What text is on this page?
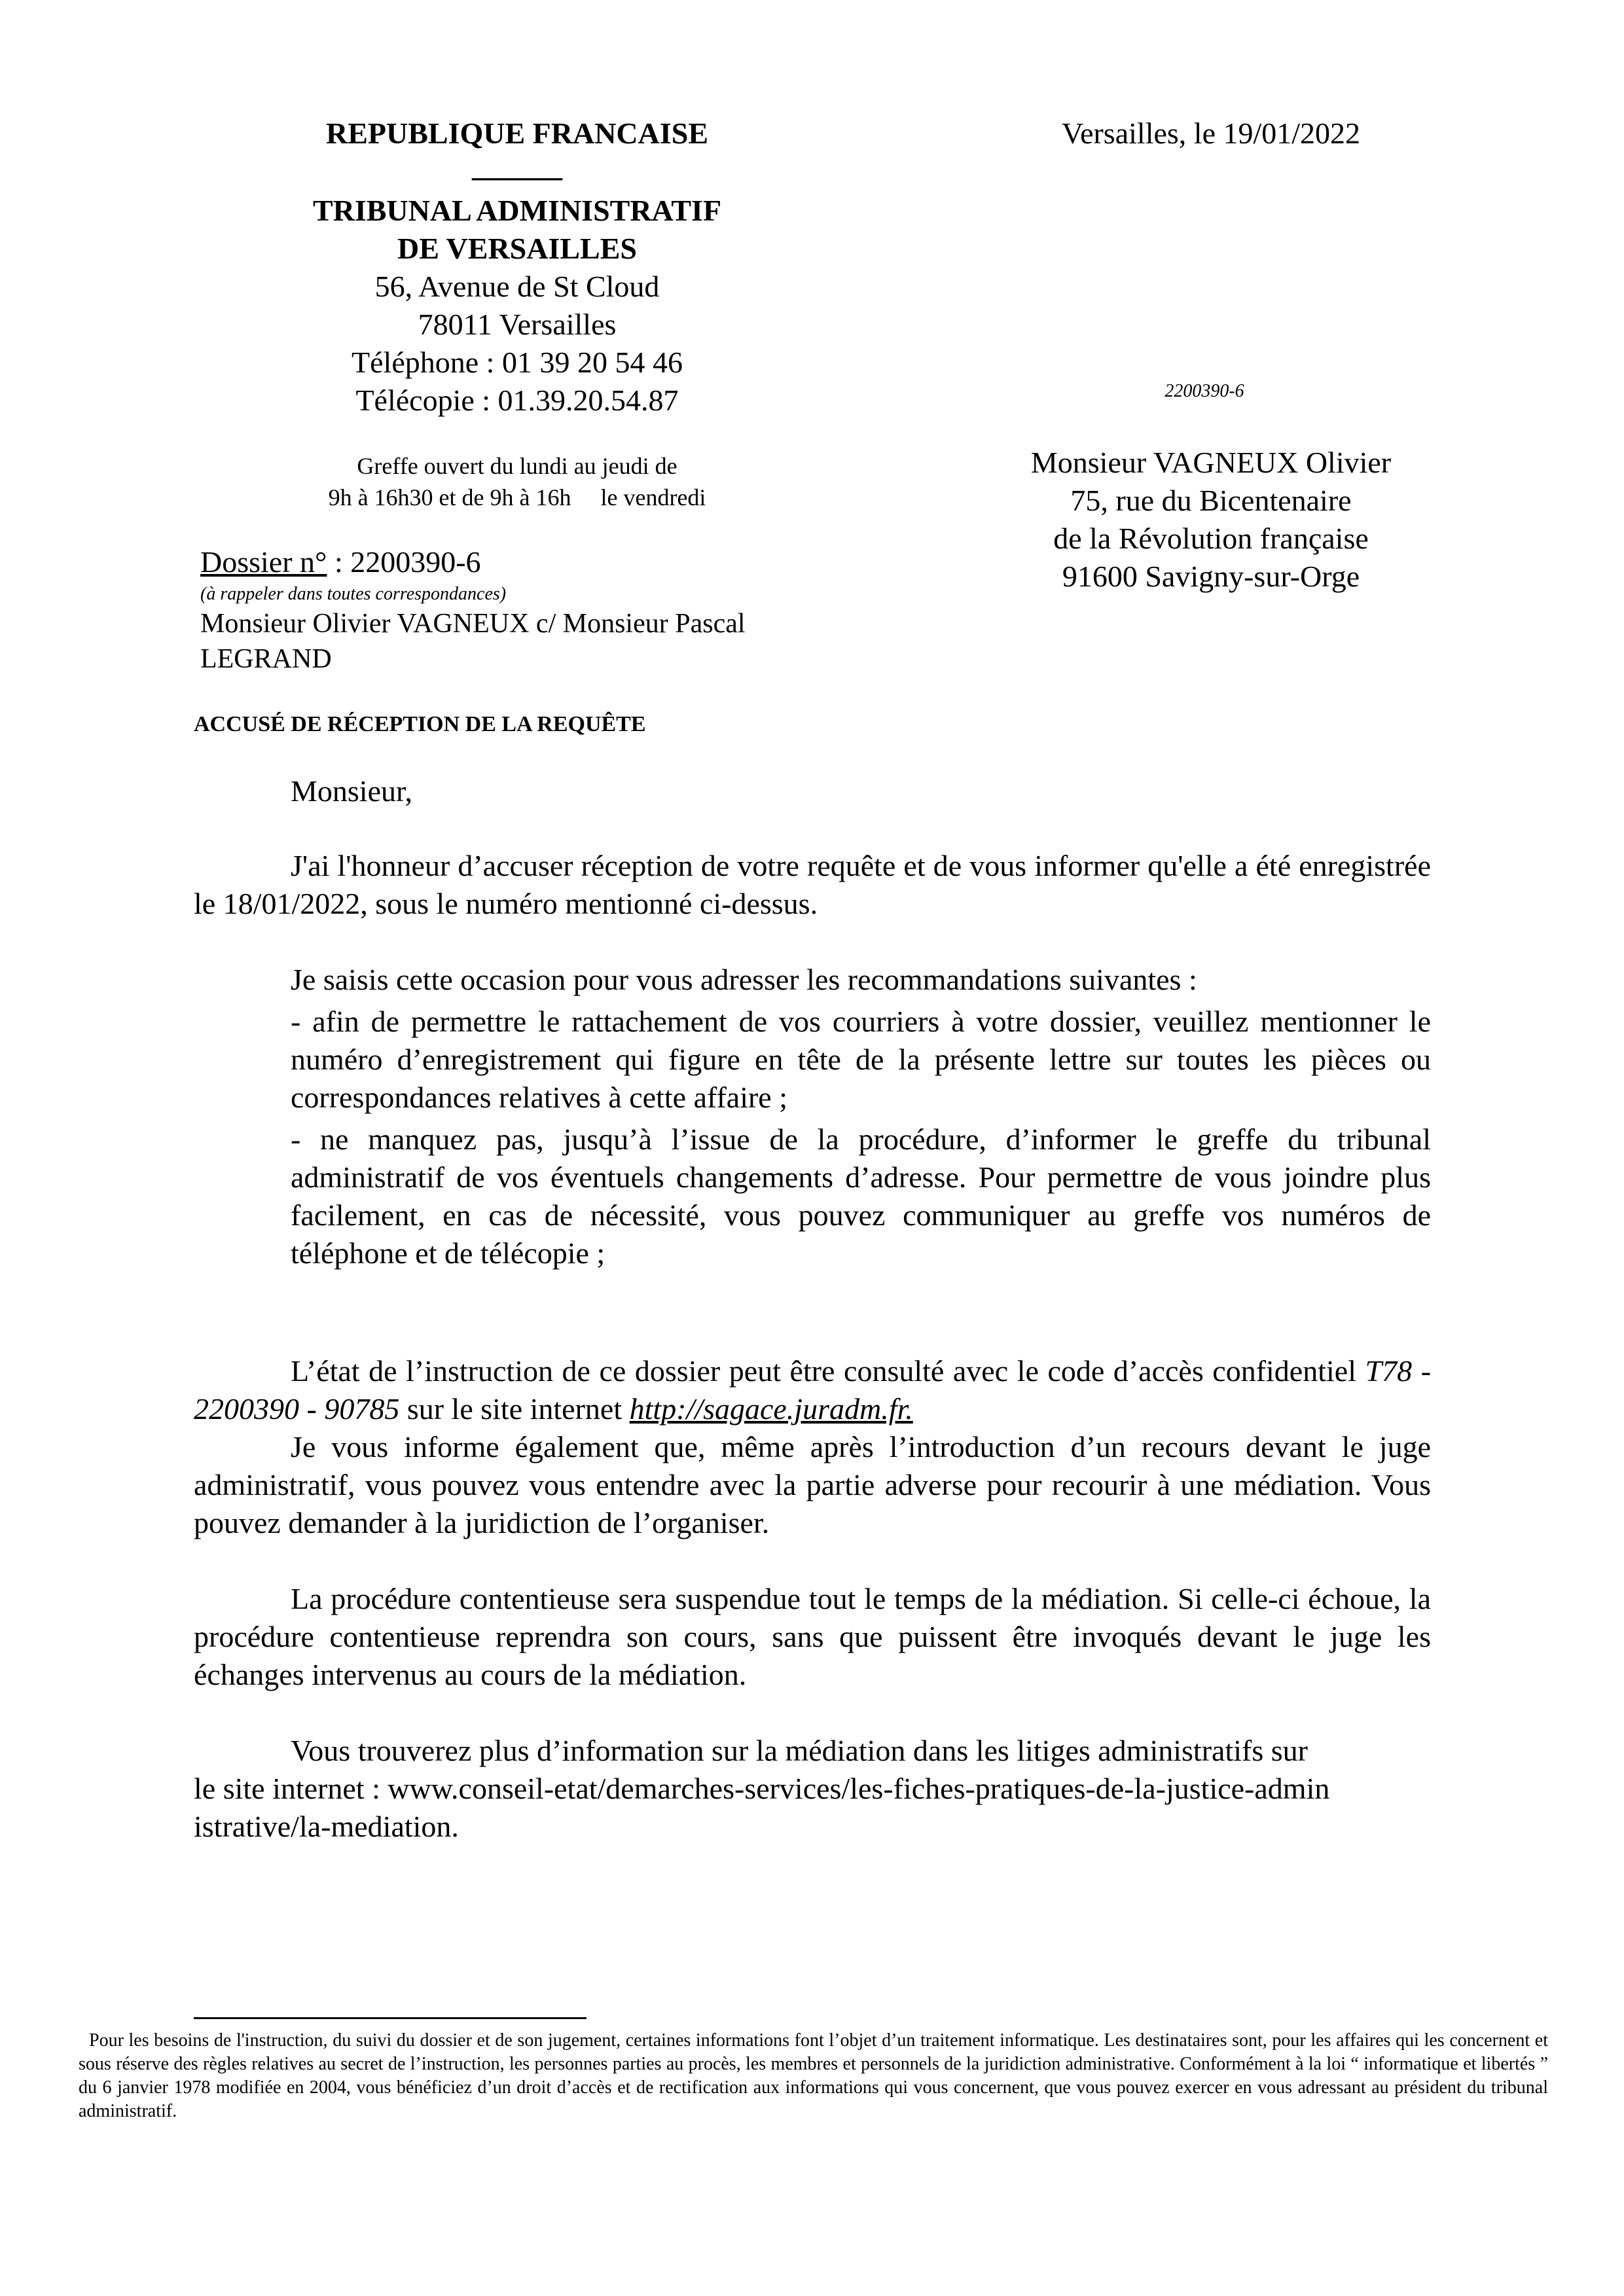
REPUBLIQUE FRANCAISE
______
TRIBUNAL ADMINISTRATIF
DE VERSAILLES
56, Avenue de St Cloud
78011 Versailles
Téléphone : 01 39 20 54 46
Télécopie : 01.39.20.54.87
Greffe ouvert du lundi au jeudi de
9h à 16h30 et de 9h à 16h     le vendredi
Dossier n° : 2200390-6
(à rappeler dans toutes correspondances)
Monsieur Olivier VAGNEUX c/ Monsieur Pascal
LEGRAND
Versailles, le 19/01/2022
2200390-6
Monsieur VAGNEUX Olivier
75, rue du Bicentenaire
de la Révolution française
91600 Savigny-sur-Orge
ACCUSÉ DE RÉCEPTION DE LA REQUÊTE
Monsieur,
J'ai l'honneur d’accuser réception de votre requête et de vous informer qu'elle a été enregistrée le 18/01/2022, sous le numéro mentionné ci-dessus.
Je saisis cette occasion pour vous adresser les recommandations suivantes :
- afin de permettre le rattachement de vos courriers à votre dossier, veuillez mentionner le numéro d’enregistrement qui figure en tête de la présente lettre sur toutes les pièces ou correspondances relatives à cette affaire ;
- ne manquez pas, jusqu’à l’issue de la procédure, d’informer le greffe du tribunal administratif de vos éventuels changements d’adresse. Pour permettre de vous joindre plus facilement, en cas de nécessité, vous pouvez communiquer au greffe vos numéros de téléphone et de télécopie ;
L’état de l’instruction de ce dossier peut être consulté avec le code d’accès confidentiel T78 - 2200390 - 90785 sur le site internet http://sagace.juradm.fr.
Je vous informe également que, même après l’introduction d’un recours devant le juge administratif, vous pouvez vous entendre avec la partie adverse pour recourir à une médiation. Vous pouvez demander à la juridiction de l’organiser.
La procédure contentieuse sera suspendue tout le temps de la médiation. Si celle-ci échoue, la procédure contentieuse reprendra son cours, sans que puissent être invoqués devant le juge les échanges intervenus au cours de la médiation.
Vous trouverez plus d’information sur la médiation dans les litiges administratifs sur
le site internet : www.conseil-etat/demarches-services/les-fiches-pratiques-de-la-justice-admin
istrative/la-mediation.
Pour les besoins de l'instruction, du suivi du dossier et de son jugement, certaines informations font l’objet d’un traitement informatique. Les destinataires sont, pour les affaires qui les concernent et sous réserve des règles relatives au secret de l’instruction, les personnes parties au procès, les membres et personnels de la juridiction administrative. Conformément à la loi “ informatique et libertés ” du 6 janvier 1978 modifiée en 2004, vous bénéficiez d’un droit d’accès et de rectification aux informations qui vous concernent, que vous pouvez exercer en vous adressant au président du tribunal administratif.
